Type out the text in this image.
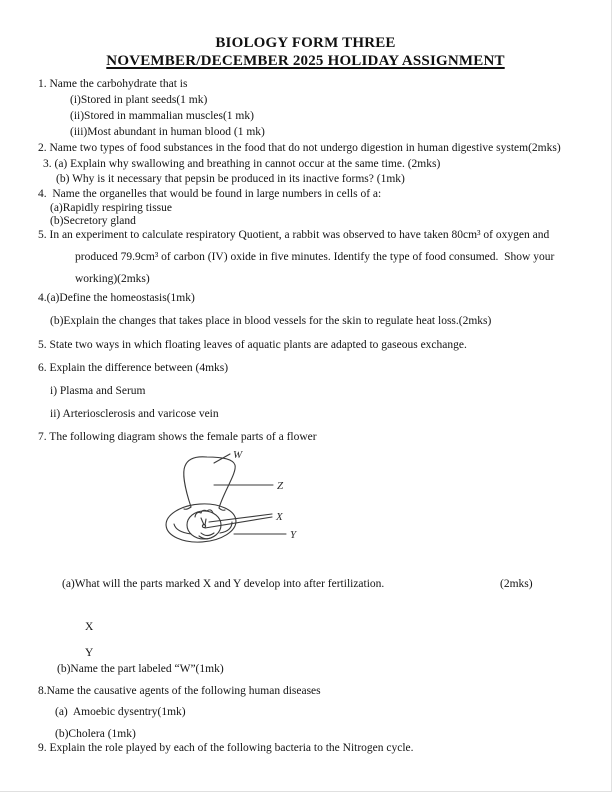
BIOLOGY FORM THREE
NOVEMBER/DECEMBER 2025 HOLIDAY ASSIGNMENT
1. Name the carbohydrate that is
(i)Stored in plant seeds(1 mk)
(ii)Stored in mammalian muscles(1 mk)
(iii)Most abundant in human blood (1 mk)
2. Name two types of food substances in the food that do not undergo digestion in human digestive system(2mks)
3. (a) Explain why swallowing and breathing in cannot occur at the same time. (2mks)
(b) Why is it necessary that pepsin be produced in its inactive forms? (1mk)
4.  Name the organelles that would be found in large numbers in cells of a:
(a)Rapidly respiring tissue
(b)Secretory gland
5. In an experiment to calculate respiratory Quotient, a rabbit was observed to have taken 80cm³ of oxygen and
produced 79.9cm³ of carbon (IV) oxide in five minutes. Identify the type of food consumed.  Show your
working)(2mks)
4.(a)Define the homeostasis(1mk)
(b)Explain the changes that takes place in blood vessels for the skin to regulate heat loss.(2mks)
5. State two ways in which floating leaves of aquatic plants are adapted to gaseous exchange.
6. Explain the difference between (4mks)
i) Plasma and Serum
ii) Arteriosclerosis and varicose vein
7. The following diagram shows the female parts of a flower
W
Z
X
Y
(a)What will the parts marked X and Y develop into after fertilization.	(2mks)
X
Y
(b)Name the part labeled “W”(1mk)
8.Name the causative agents of the following human diseases
(a)  Amoebic dysentry(1mk)
(b)Cholera (1mk)
9. Explain the role played by each of the following bacteria to the Nitrogen cycle.
